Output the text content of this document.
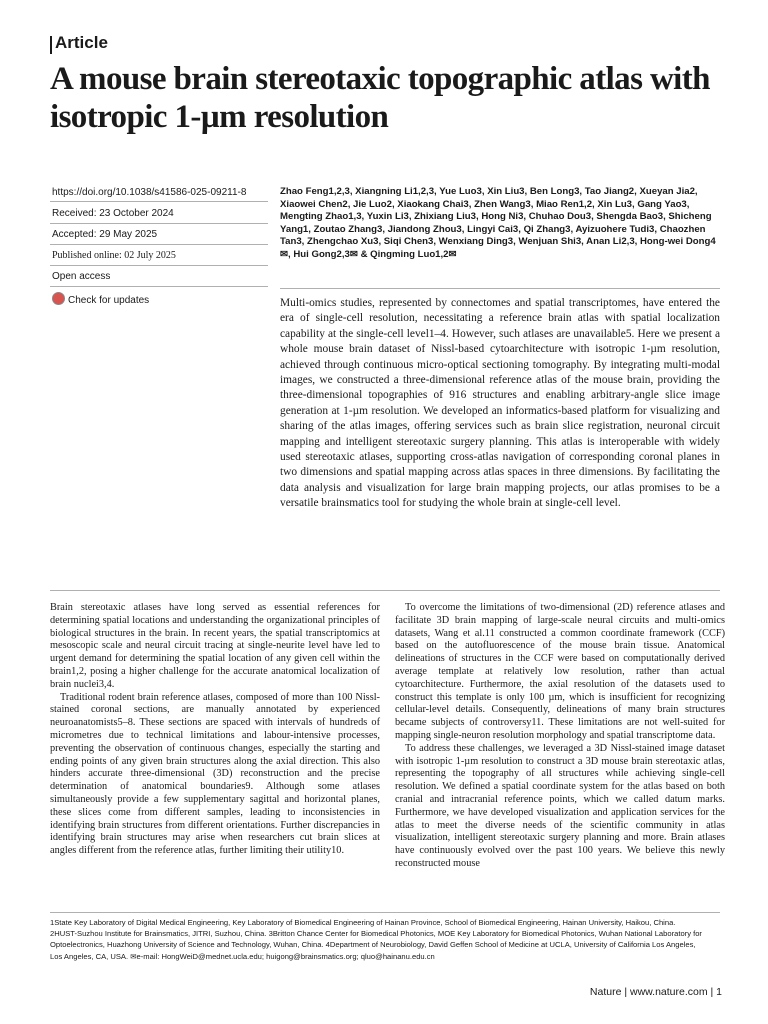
Article
A mouse brain stereotaxic topographic atlas with isotropic 1-µm resolution
https://doi.org/10.1038/s41586-025-09211-8
Received: 23 October 2024
Accepted: 29 May 2025
Published online: 02 July 2025
Open access
Check for updates
Zhao Feng1,2,3, Xiangning Li1,2,3, Yue Luo3, Xin Liu3, Ben Long3, Tao Jiang2, Xueyan Jia2, Xiaowei Chen2, Jie Luo2, Xiaokang Chai3, Zhen Wang3, Miao Ren1,2, Xin Lu3, Gang Yao3, Mengting Zhao1,3, Yuxin Li3, Zhixiang Liu3, Hong Ni3, Chuhao Dou3, Shengda Bao3, Shicheng Yang1, Zoutao Zhang3, Jiandong Zhou3, Lingyi Cai3, Qi Zhang3, Ayizuohere Tudi3, Chaozhen Tan3, Zhengchao Xu3, Siqi Chen3, Wenxiang Ding3, Wenjuan Shi3, Anan Li2,3, Hong-wei Dong4✉, Hui Gong2,3✉ & Qingming Luo1,2✉
Multi-omics studies, represented by connectomes and spatial transcriptomes, have entered the era of single-cell resolution, necessitating a reference brain atlas with spatial localization capability at the single-cell level1–4. However, such atlases are unavailable5. Here we present a whole mouse brain dataset of Nissl-based cytoarchitecture with isotropic 1-µm resolution, achieved through continuous micro-optical sectioning tomography. By integrating multi-modal images, we constructed a three-dimensional reference atlas of the mouse brain, providing the three-dimensional topographies of 916 structures and enabling arbitrary-angle slice image generation at 1-µm resolution. We developed an informatics-based platform for visualizing and sharing of the atlas images, offering services such as brain slice registration, neuronal circuit mapping and intelligent stereotaxic surgery planning. This atlas is interoperable with widely used stereotaxic atlases, supporting cross-atlas navigation of corresponding coronal planes in two dimensions and spatial mapping across atlas spaces in three dimensions. By facilitating the data analysis and visualization for large brain mapping projects, our atlas promises to be a versatile brainsmatics tool for studying the whole brain at single-cell level.

Brain stereotaxic atlases have long served as essential references for determining spatial locations and understanding the organizational principles of biological structures in the brain. In recent years, the spatial transcriptomics at mesoscopic scale and neural circuit tracing at single-neurite level have led to urgent demand for determining the spatial location of any given cell within the brain1,2, posing a higher challenge for the accurate anatomical localization of brain nuclei3,4.

Traditional rodent brain reference atlases, composed of more than 100 Nissl-stained coronal sections, are manually annotated by experienced neuroanatomists5–8. These sections are spaced with intervals of hundreds of micrometres due to technical limitations and labour-intensive processes, preventing the observation of continuous changes, especially the starting and ending points of any given brain structures along the axial direction. This also hinders accurate three-dimensional (3D) reconstruction and the precise determination of anatomical boundaries9. Although some atlases simultaneously provide a few supplementary sagittal and horizontal planes, these slices come from different samples, leading to inconsistencies in identifying brain structures from different orientations. Further discrepancies in identifying brain structures may arise when researchers cut brain slices at angles different from the reference atlas, further limiting their utility10.

To overcome the limitations of two-dimensional (2D) reference atlases and facilitate 3D brain mapping of large-scale neural circuits and multi-omics datasets, Wang et al.11 constructed a common coordinate framework (CCF) based on the autofluorescence of the mouse brain tissue. Anatomical delineations of structures in the CCF were based on computationally derived average template at relatively low resolution, rather than actual cytoarchitecture. Furthermore, the axial resolution of the datasets used to construct this template is only 100 µm, which is insufficient for recognizing cellular-level details. Consequently, delineations of many brain structures became subjects of controversy11. These limitations are not well-suited for mapping single-neuron resolution morphology and spatial transcriptome data.

To address these challenges, we leveraged a 3D Nissl-stained image dataset with isotropic 1-µm resolution to construct a 3D mouse brain stereotaxic atlas, representing the topography of all structures while achieving single-cell resolution. We defined a spatial coordinate system for the atlas based on both cranial and intracranial reference points, which we called datum marks. Furthermore, we have developed visualization and application services for the atlas to meet the diverse needs of the scientific community in atlas visualization, intelligent stereotaxic surgery planning and more. Brain atlases have continuously evolved over the past 100 years. We believe this newly reconstructed mouse

1State Key Laboratory of Digital Medical Engineering, Key Laboratory of Biomedical Engineering of Hainan Province, School of Biomedical Engineering, Hainan University, Haikou, China.
2HUST-Suzhou Institute for Brainsmatics, JITRI, Suzhou, China. 3Britton Chance Center for Biomedical Photonics, MOE Key Laboratory for Biomedical Photonics, Wuhan National Laboratory for
Optoelectronics, Huazhong University of Science and Technology, Wuhan, China. 4Department of Neurobiology, David Geffen School of Medicine at UCLA, University of California Los Angeles,
Los Angeles, CA, USA. ✉e-mail: HongWeiD@mednet.ucla.edu; huigong@brainsmatics.org; qluo@hainanu.edu.cn
Nature | www.nature.com | 1
